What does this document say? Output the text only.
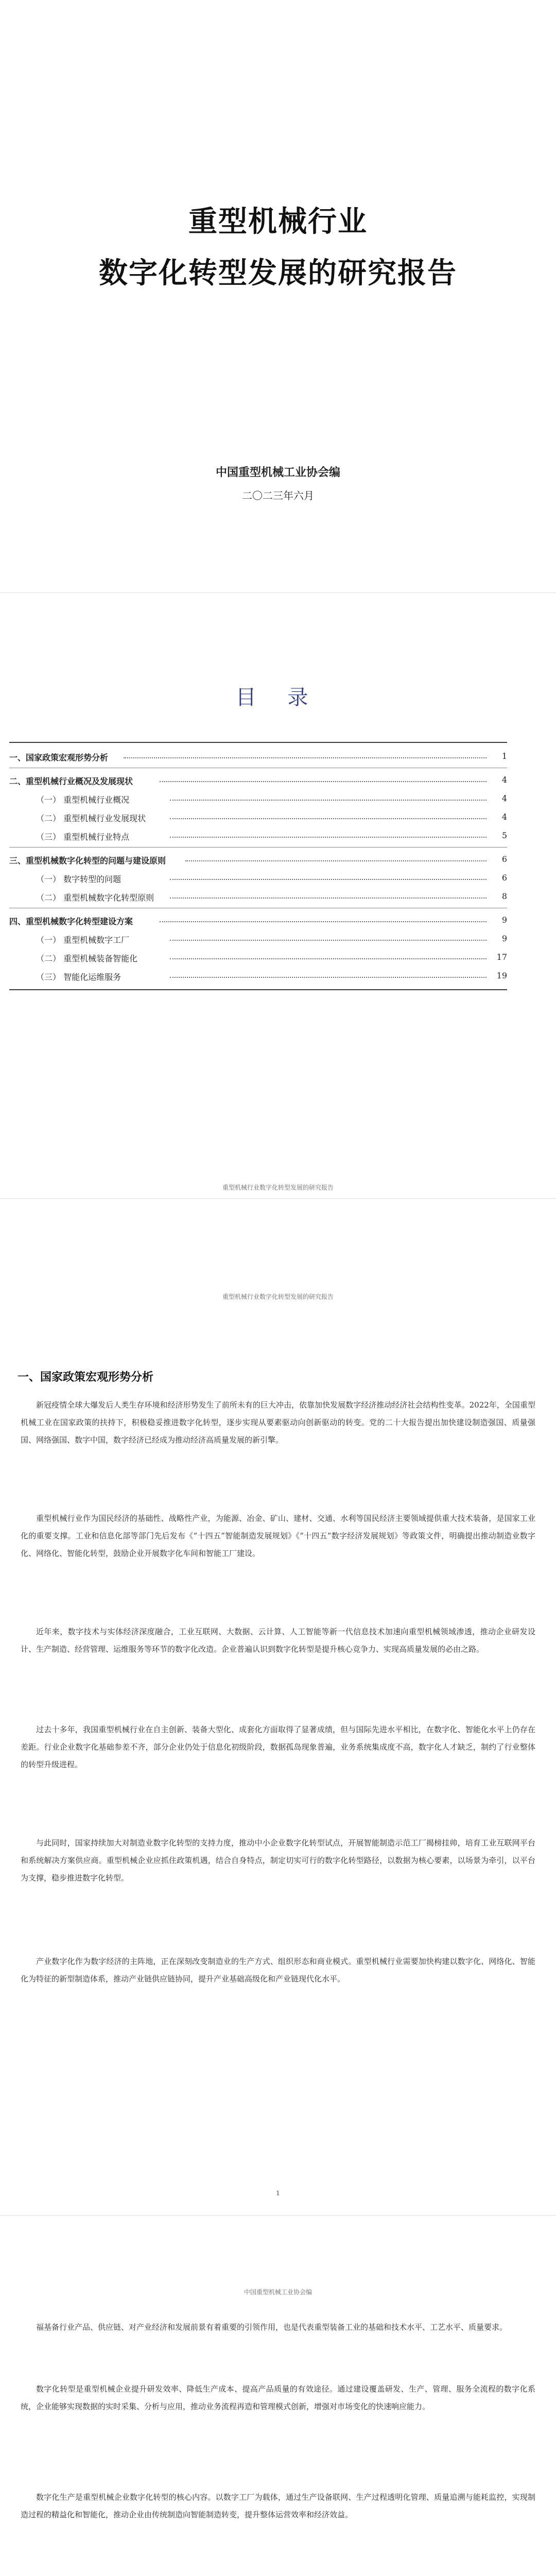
重型机械行业
数字化转型发展的研究报告
中国重型机械工业协会编
二〇二三年六月
目 录
一、国家政策宏观形势分析	1
二、重型机械行业概况及发展现状	4
（一） 重型机械行业概况	4
（二） 重型机械行业发展现状	4
（三） 重型机械行业特点	5
三、重型机械数字化转型的问题与建设原则	6
（一） 数字转型的问题	6
（二） 重型机械数字化转型原则	8
四、重型机械数字化转型建设方案	9
（一） 重型机械数字工厂	9
（二） 重型机械装备智能化	17
（三） 智能化运维服务	19
重型机械行业数字化转型发展的研究报告
重型机械行业数字化转型发展的研究报告
一、国家政策宏观形势分析
新冠疫情全球大爆发后人类生存环境和经济形势发生了前所未有的巨大冲击，依靠加快发展数字经济推动经济社会结构性变革。2022年，全国重型机械工业在国家政策的扶持下，积极稳妥推进数字化转型，逐步实现从要素驱动向创新驱动的转变。党的二十大报告提出加快建设制造强国、质量强国、网络强国、数字中国，数字经济已经成为推动经济高质量发展的新引擎。
重型机械行业作为国民经济的基础性、战略性产业，为能源、冶金、矿山、建材、交通、水利等国民经济主要领域提供重大技术装备，是国家工业化的重要支撑。工业和信息化部等部门先后发布《“十四五”智能制造发展规划》《“十四五”数字经济发展规划》等政策文件，明确提出推动制造业数字化、网络化、智能化转型，鼓励企业开展数字化车间和智能工厂建设。
近年来，数字技术与实体经济深度融合，工业互联网、大数据、云计算、人工智能等新一代信息技术加速向重型机械领域渗透，推动企业研发设计、生产制造、经营管理、运维服务等环节的数字化改造。企业普遍认识到数字化转型是提升核心竞争力、实现高质量发展的必由之路。
过去十多年，我国重型机械行业在自主创新、装备大型化、成套化方面取得了显著成绩，但与国际先进水平相比，在数字化、智能化水平上仍存在差距。行业企业数字化基础参差不齐，部分企业仍处于信息化初级阶段，数据孤岛现象普遍，业务系统集成度不高，数字化人才缺乏，制约了行业整体的转型升级进程。
与此同时，国家持续加大对制造业数字化转型的支持力度，推动中小企业数字化转型试点，开展智能制造示范工厂揭榜挂帅，培育工业互联网平台和系统解决方案供应商。重型机械企业应抓住政策机遇，结合自身特点，制定切实可行的数字化转型路径，以数据为核心要素，以场景为牵引，以平台为支撑，稳步推进数字化转型。
产业数字化作为数字经济的主阵地，正在深刻改变制造业的生产方式、组织形态和商业模式。重型机械行业需要加快构建以数字化、网络化、智能化为特征的新型制造体系，推动产业链供应链协同，提升产业基础高级化和产业链现代化水平。
1
中国重型机械工业协会编
福基备行业产品、供应链、对产业经济和发展前景有着重要的引领作用，也是代表重型装备工业的基础和技术水平、工艺水平、质量要求。
数字化转型是重型机械企业提升研发效率、降低生产成本、提高产品质量的有效途径。通过建设覆盖研发、生产、管理、服务全流程的数字化系统，企业能够实现数据的实时采集、分析与应用，推动业务流程再造和管理模式创新，增强对市场变化的快速响应能力。
数字化生产是重型机械企业数字化转型的核心内容。以数字工厂为载体，通过生产设备联网、生产过程透明化管理、质量追溯与能耗监控，实现制造过程的精益化和智能化，推动企业由传统制造向智能制造转变，提升整体运营效率和经济效益。
